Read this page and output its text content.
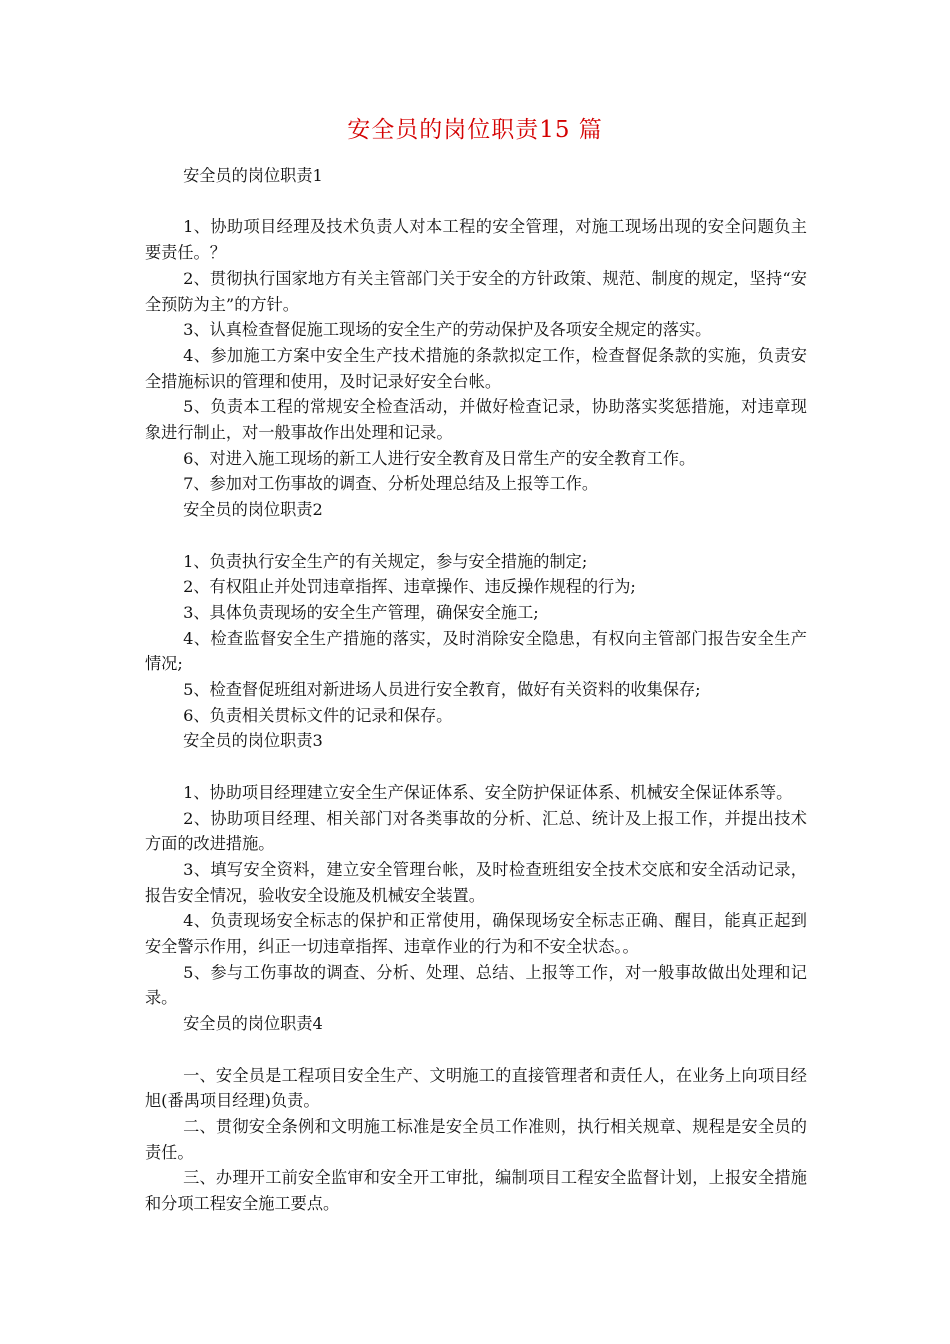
安全员的岗位职责15 篇

安全员的岗位职责1

1、协助项目经理及技术负责人对本工程的安全管理，对施工现场出现的安全问题负主要责任。？

2、贯彻执行国家地方有关主管部门关于安全的方针政策、规范、制度的规定，坚持“安全预防为主”的方针。

3、认真检查督促施工现场的安全生产的劳动保护及各项安全规定的落实。

4、参加施工方案中安全生产技术措施的条款拟定工作，检查督促条款的实施，负责安全措施标识的管理和使用，及时记录好安全台帐。

5、负责本工程的常规安全检查活动，并做好检查记录，协助落实奖惩措施，对违章现象进行制止，对一般事故作出处理和记录。

6、对进入施工现场的新工人进行安全教育及日常生产的安全教育工作。

7、参加对工伤事故的调查、分析处理总结及上报等工作。

安全员的岗位职责2

1、负责执行安全生产的有关规定，参与安全措施的制定;

2、有权阻止并处罚违章指挥、违章操作、违反操作规程的行为;

3、具体负责现场的安全生产管理，确保安全施工;

4、检查监督安全生产措施的落实，及时消除安全隐患，有权向主管部门报告安全生产情况;

5、检查督促班组对新进场人员进行安全教育，做好有关资料的收集保存;

6、负责相关贯标文件的记录和保存。

安全员的岗位职责3

1、协助项目经理建立安全生产保证体系、安全防护保证体系、机械安全保证体系等。

2、协助项目经理、相关部门对各类事故的分析、汇总、统计及上报工作，并提出技术方面的改进措施。

3、填写安全资料，建立安全管理台帐，及时检查班组安全技术交底和安全活动记录，报告安全情况，验收安全设施及机械安全装置。

4、负责现场安全标志的保护和正常使用，确保现场安全标志正确、醒目，能真正起到安全警示作用，纠正一切违章指挥、违章作业的行为和不安全状态。。

5、参与工伤事故的调查、分析、处理、总结、上报等工作，对一般事故做出处理和记录。

安全员的岗位职责4

一、安全员是工程项目安全生产、文明施工的直接管理者和责任人，在业务上向项目经旭(番禺项目经理)负责。

二、贯彻安全条例和文明施工标准是安全员工作准则，执行相关规章、规程是安全员的责任。

三、办理开工前安全监审和安全开工审批，编制项目工程安全监督计划，上报安全措施和分项工程安全施工要点。
